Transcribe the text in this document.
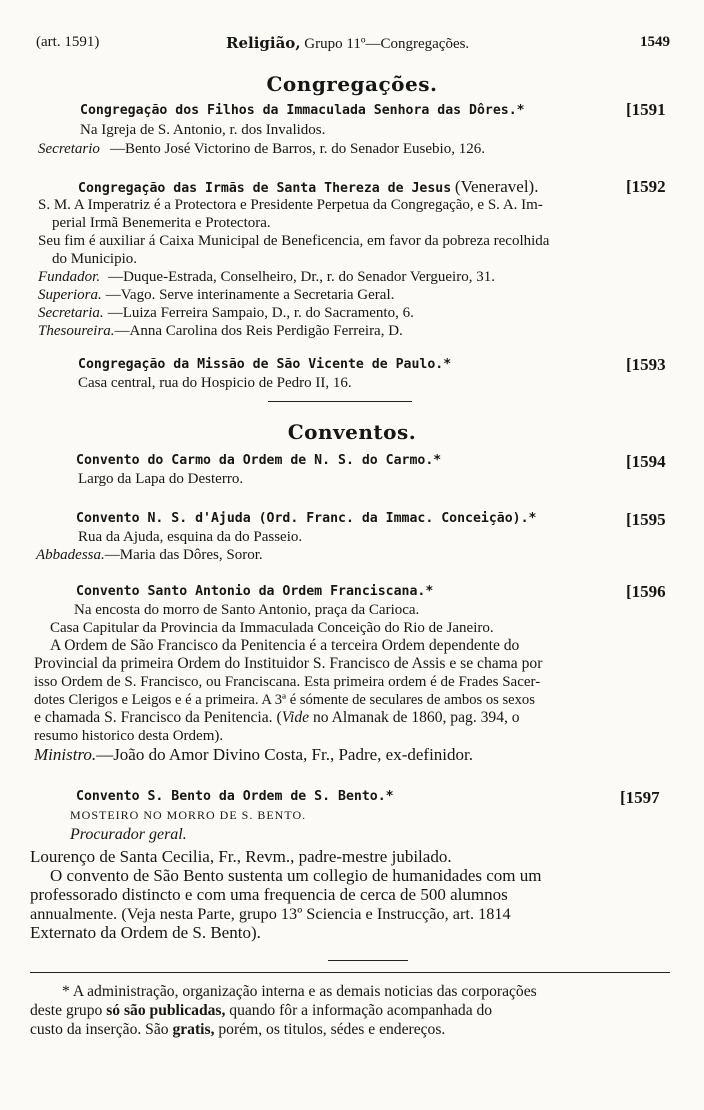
(art. 1591)	Religião, Grupo 11º—Congregações.	1549
Congregações.
Congregação dos Filhos da Immaculada Senhora das Dôres.*	[1591
Na Igreja de S. Antonio, r. dos Invalidos.
Secretario —Bento José Victorino de Barros, r. do Senador Eusebio, 126.
Congregação das Irmãs de Santa Thereza de Jesus (Veneravel).	[1592
S. M. A Imperatriz é a Protectora e Presidente Perpetua da Congregação, e S. A. Im-
perial Irmã Benemerita e Protectora.
Seu fim é auxiliar á Caixa Municipal de Beneficencia, em favor da pobreza recolhida
do Municipio.
Fundador. —Duque-Estrada, Conselheiro, Dr., r. do Senador Vergueiro, 31.
Superiora. —Vago. Serve interinamente a Secretaria Geral.
Secretaria. —Luiza Ferreira Sampaio, D., r. do Sacramento, 6.
Thesoureira.—Anna Carolina dos Reis Perdigão Ferreira, D.
Congregação da Missão de São Vicente de Paulo.*	[1593
Casa central, rua do Hospicio de Pedro II, 16.
Conventos.
Convento do Carmo da Ordem de N. S. do Carmo.*	[1594
Largo da Lapa do Desterro.
Convento N. S. d'Ajuda (Ord. Franc. da Immac. Conceição).*	[1595
Rua da Ajuda, esquina da do Passeio.
Abbadessa.—Maria das Dôres, Soror.
Convento Santo Antonio da Ordem Franciscana.*	[1596
Na encosta do morro de Santo Antonio, praça da Carioca.
Casa Capitular da Provincia da Immaculada Conceição do Rio de Janeiro.
A Ordem de São Francisco da Penitencia é a terceira Ordem dependente do
Provincial da primeira Ordem do Instituidor S. Francisco de Assis e se chama por
isso Ordem de S. Francisco, ou Franciscana. Esta primeira ordem é de Frades Sacer-
dotes Clerigos e Leigos e é a primeira. A 3ª é sómente de seculares de ambos os sexos
e chamada S. Francisco da Penitencia. (Vide no Almanak de 1860, pag. 394, o
resumo historico desta Ordem).
Ministro.—João do Amor Divino Costa, Fr., Padre, ex-definidor.
Convento S. Bento da Ordem de S. Bento.*	[1597
MOSTEIRO NO MORRO DE S. BENTO.
Procurador geral.
Lourenço de Santa Cecilia, Fr., Revm., padre-mestre jubilado.
O convento de São Bento sustenta um collegio de humanidades com um
professorado distincto e com uma frequencia de cerca de 500 alumnos
annualmente. (Veja nesta Parte, grupo 13º Sciencia e Instrucção, art. 1814
Externato da Ordem de S. Bento).
* A administração, organização interna e as demais noticias das corporações
deste grupo só são publicadas, quando fôr a informação acompanhada do
custo da inserção. São gratis, porém, os titulos, sédes e endereços.
